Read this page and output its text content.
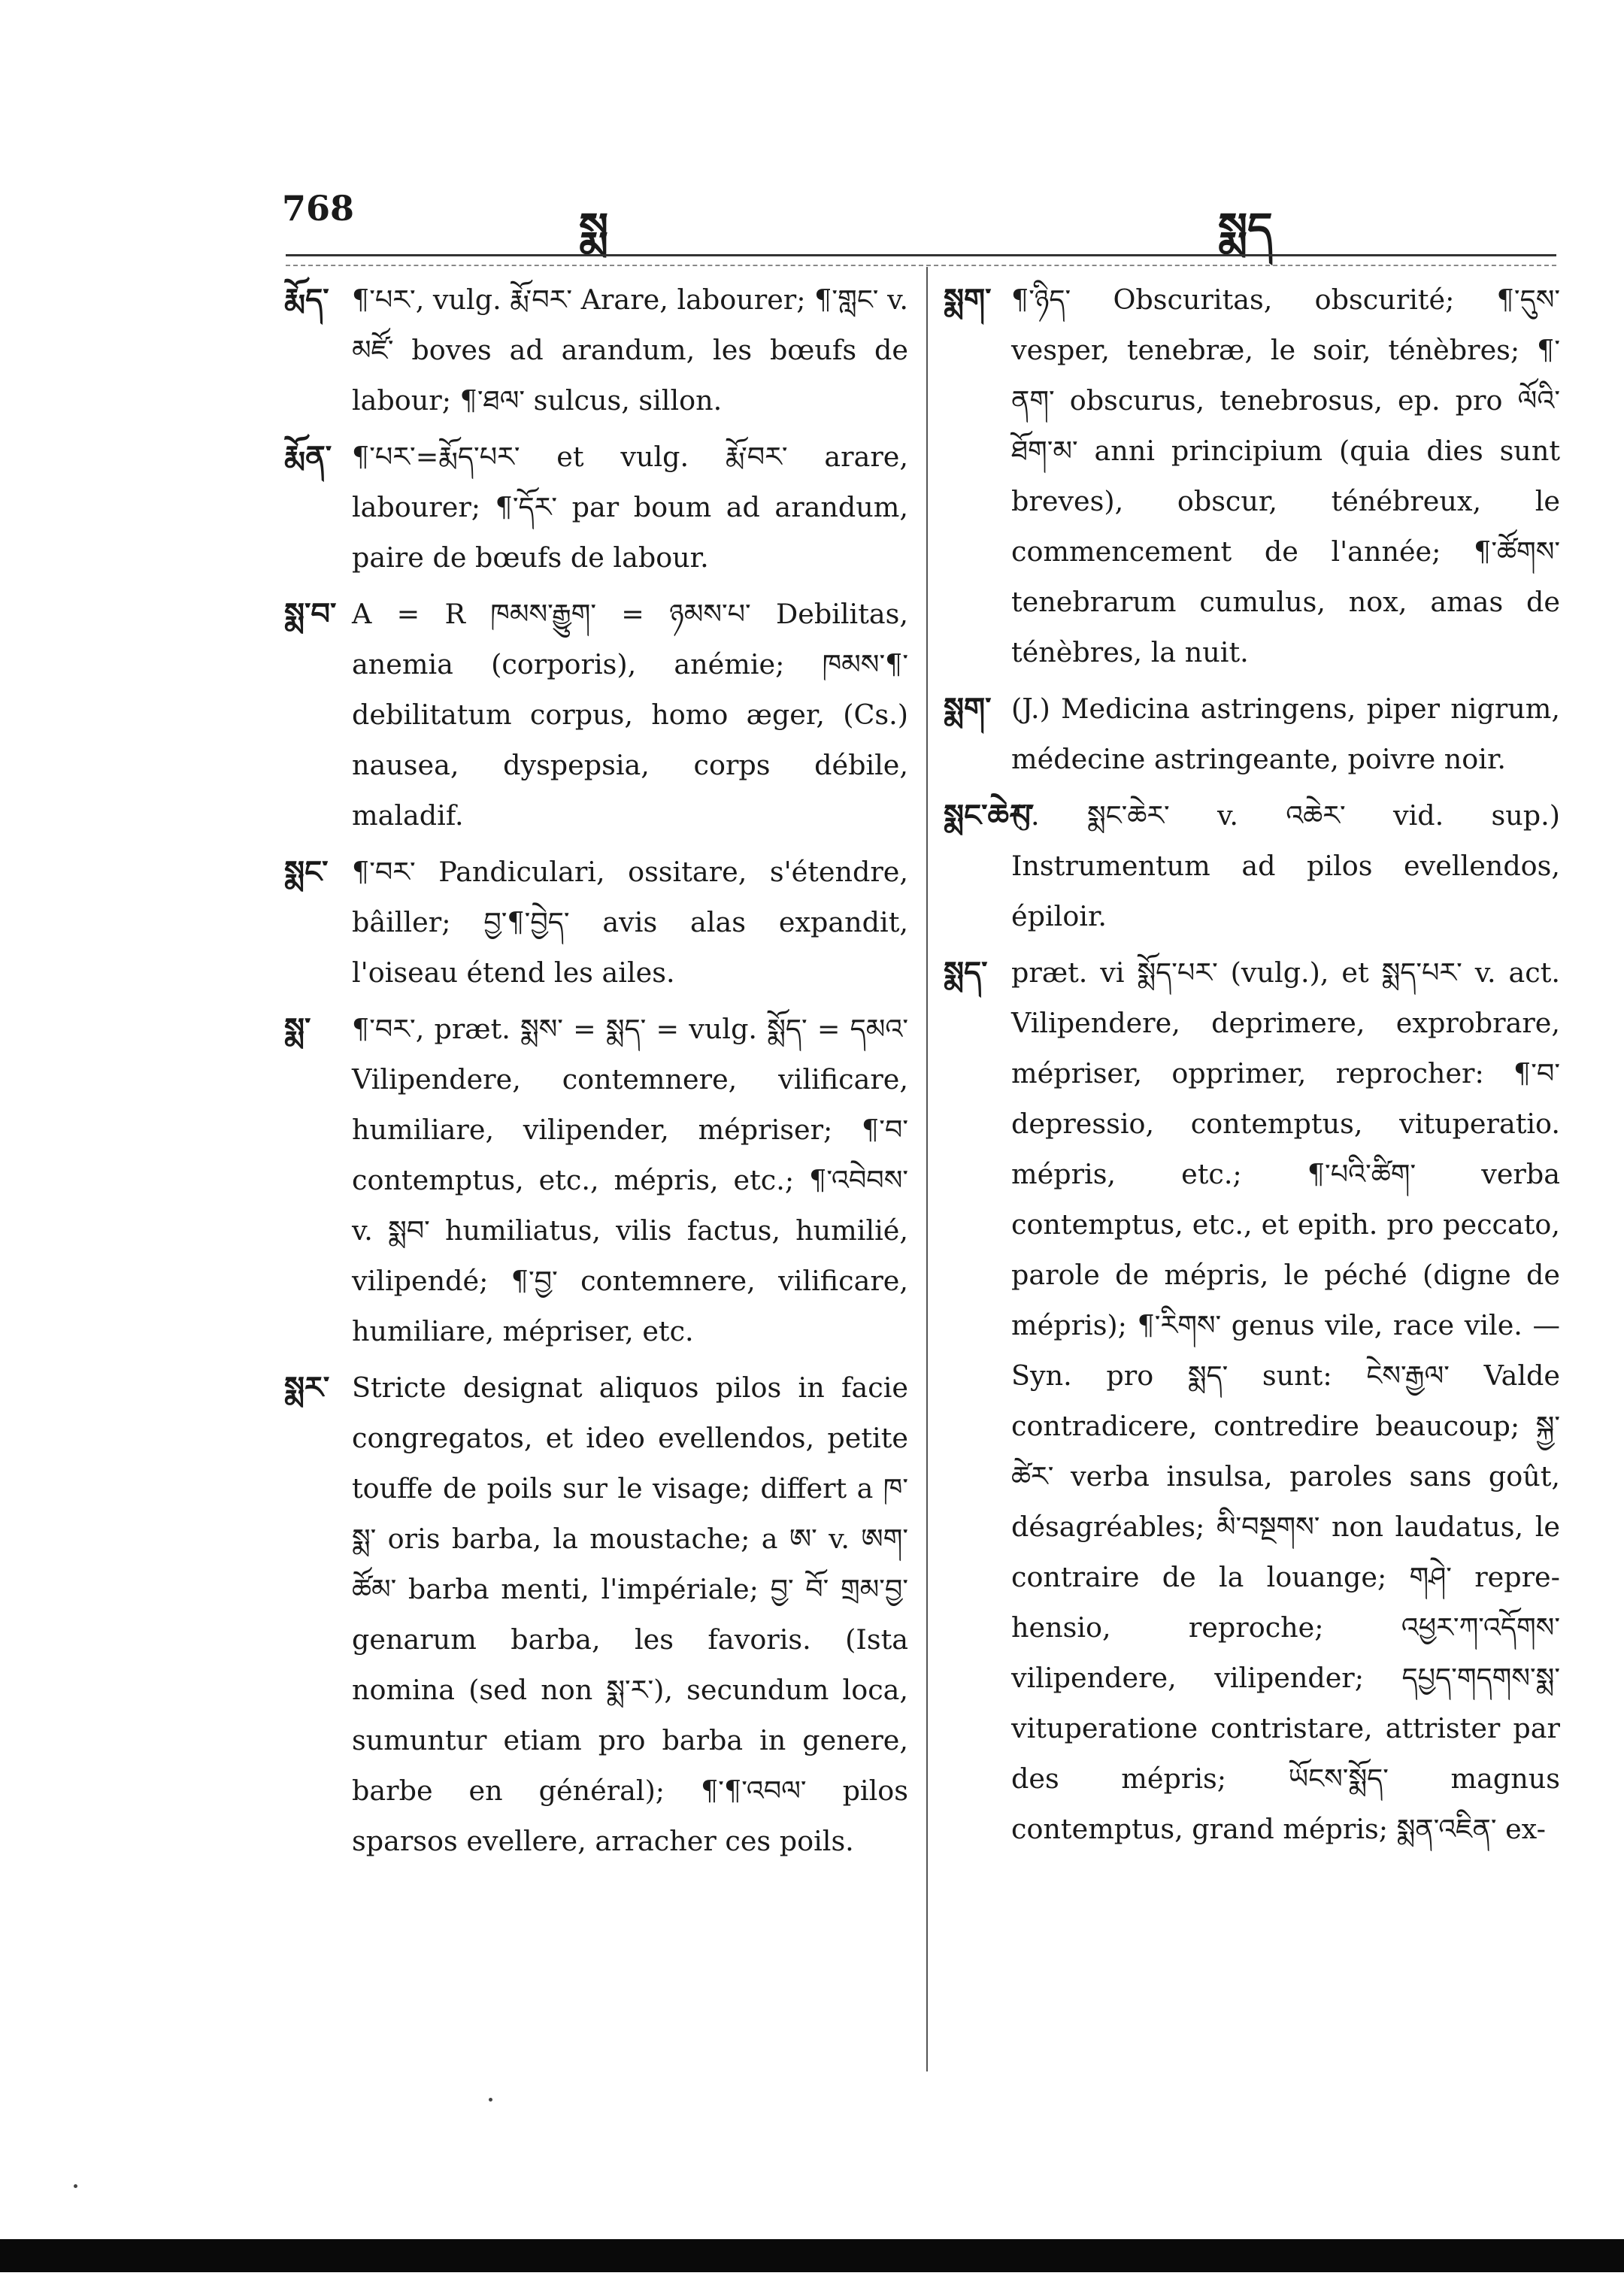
768	སྨ	སྨད
རྨོད་ ¶་པར་, vulg. རྨོ་བར་ Arare, labourer; ¶་གླང་ v. མཛོ་ boves ad arandum, les bœufs de labour; ¶་ཐལ་ sulcus, sillon.

རྨོན་ ¶་པར་=རྨོད་པར་ et vulg. རྨོ་བར་ arare, labourer; ¶་དོར་ par boum ad arandum, paire de bœufs de labour.

སྨ་བ་ A = R ཁམས་རྒྱུག་ = ཉམས་པ་ Debilitas, anemia (corporis), anémie; ཁམས་¶་ debilitatum corpus, homo æger, (Cs.) nausea, dyspepsia, corps débile, maladif.

སྨང་ ¶་བར་ Pandiculari, ossitare, s'étendre, bâiller; བྱ་¶་བྱེད་ avis alas expandit, l'oiseau étend les ailes.

སྨ་ ¶་བར་, præt. སྨས་ = སྨད་ = vulg. སྨོད་ = དམའ་ Vilipendere, contemnere, vilificare, humiliare, vilipender, mépriser; ¶་བ་ contemptus, etc., mépris, etc.; ¶་འབེབས་ v. སྨབ་ humiliatus, vilis factus, humilié, vilipendé; ¶་བྱ་ contemnere, vilificare, humiliare, mépriser, etc.

སྨར་ Stricte designat aliquos pilos in facie congregatos, et ideo evellendos, petite touffe de poils sur le visage; differt a ཁ་སྨ་ oris barba, la moustache; a ཨ་ v. ཨག་ཚོམ་ barba menti, l'impériale; བྱ་ བོ་ གྲམ་བྱ་ genarum barba, les favoris. (Ista nomina (sed non སྨ་ར་), secundum loca, sumuntur etiam pro barba in genere, barbe en général); ¶་¶་འབལ་ pilos sparsos evellere, arracher ces poils.

སྨག་ ¶་ཉིད་ Obscuritas, obscurité; ¶་དུས་ vesper, tenebræ, le soir, ténèbres; ¶་ནག་ obscurus, tenebrosus, ep. pro ལོའི་ཐོག་མ་ anni principium (quia dies sunt breves), obscur, ténébreux, le commencement de l'année; ¶་ཚོགས་ tenebrarum cumulus, nox, amas de ténèbres, la nuit.

སྨག་ (J.) Medicina astringens, piper nigrum, médecine astringeante, poivre noir.

སྨང་ཆེར་

(J. སྨང་ཆེར་ v. འཆེར་ vid. sup.) Instrumentum ad pilos evellendos, épiloir.

སྨད་ præt. vi སྨོད་པར་ (vulg.), et སྨད་པར་ v. act. Vilipendere, deprimere, exprobrare, mépriser, opprimer, reprocher: ¶་བ་ depressio, contemptus, vituperatio. mépris, etc.; ¶་པའི་ཚིག་ verba contemptus, etc., et epith. pro peccato, parole de mépris, le péché (digne de mépris); ¶་རིགས་ genus vile, race vile. — Syn. pro སྨད་ sunt: ངེས་རྒྱལ་ Valde contradicere, contredire beaucoup; སྐྱ་ཚེར་ verba insulsa, paroles sans goût, désagréables; མི་བསྔགས་ non laudatus, le contraire de la louange; གཤེ་ repre-hensio, reproche; འཕྱར་ཀ་འདོགས་ vilipendere, vilipender; དཔྱད་གདགས་སྨ་ vituperatione contristare, attrister par des mépris; ཡོངས་སྨོད་ magnus contemptus, grand mépris; སྨན་འཇིན་ ex-
